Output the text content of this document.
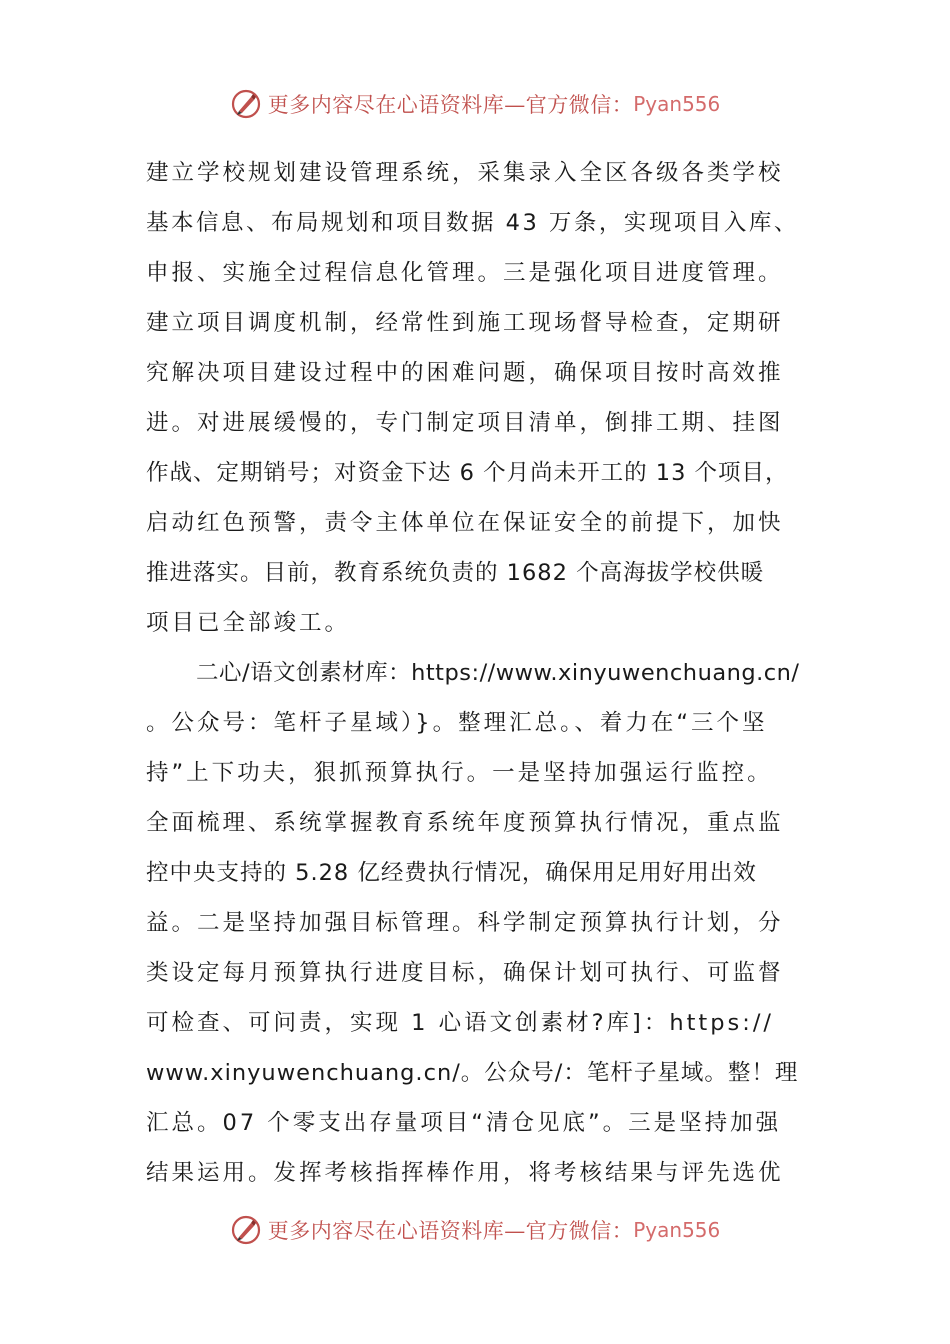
更多内容尽在心语资料库—官方微信： Pyan556
建立学校规划建设管理系统，采集录入全区各级各类学校
基本信息、布局规划和项目数据 43 万条，实现项目入库、
申报、实施全过程信息化管理。三是强化项目进度管理。
建立项目调度机制，经常性到施工现场督导检查，定期研
究解决项目建设过程中的困难问题，确保项目按时高效推
进。对进展缓慢的，专门制定项目清单，倒排工期、挂图
作战、定期销号；对资金下达 6 个月尚未开工的 13 个项目，
启动红色预警，责令主体单位在保证安全的前提下，加快
推进落实。目前，教育系统负责的 1682 个高海拔学校供暖
项目已全部竣工。
二心/语文创素材库：https://www.xinyuwenchuang.cn/
。公众号：笔杆子星域）}。整理汇总。、着力在“三个坚
持”上下功夫，狠抓预算执行。一是坚持加强运行监控。
全面梳理、系统掌握教育系统年度预算执行情况，重点监
控中央支持的 5.28 亿经费执行情况，确保用足用好用出效
益。二是坚持加强目标管理。科学制定预算执行计划，分
类设定每月预算执行进度目标，确保计划可执行、可监督
可检查、可问责，实现 1 心语文创素材?库]：https://
www.xinyuwenchuang.cn/。公众号/：笔杆子星域。整！理
汇总。07 个零支出存量项目“清仓见底”。三是坚持加强
结果运用。发挥考核指挥棒作用，将考核结果与评先选优
更多内容尽在心语资料库—官方微信： Pyan556
